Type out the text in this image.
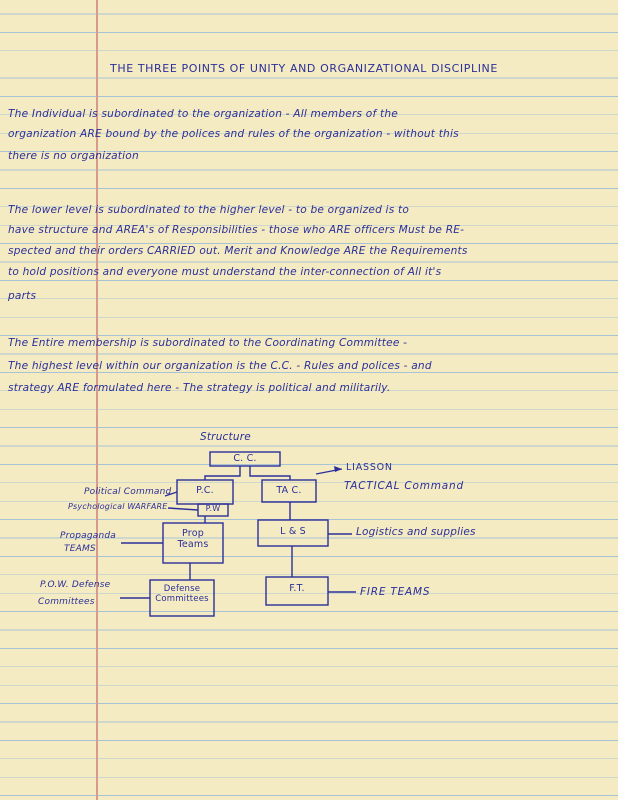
THE THREE POINTS OF UNITY AND ORGANIZATIONAL DISCIPLINE
The Individual is subordinated to the organization - All members of the
organization ARE bound by the polices and rules of the organization - without this
there is no organization
The lower level is subordinated to the higher level - to be organized is to
have structure and AREA's of Responsibilities - those who ARE officers Must be RE-
spected and their orders CARRIED out. Merit and Knowledge ARE the Requirements
to hold positions and everyone must understand the inter-connection of All it's
parts
The Entire membership is subordinated to the Coordinating Committee -
The highest level within our organization is the C.C. - Rules and polices - and
strategy ARE formulated here - The strategy is political and militarily.
Structure
C. C.
P.C.	TA C.
P.W
Prop Teams
L & S
Defense Committees
F.T.
LIASSON
TACTICAL Command
Political Command
Psychological WARFARE
Propaganda
TEAMS
Logistics and supplies
P.O.W. Defense
Committees
FIRE TEAMS
